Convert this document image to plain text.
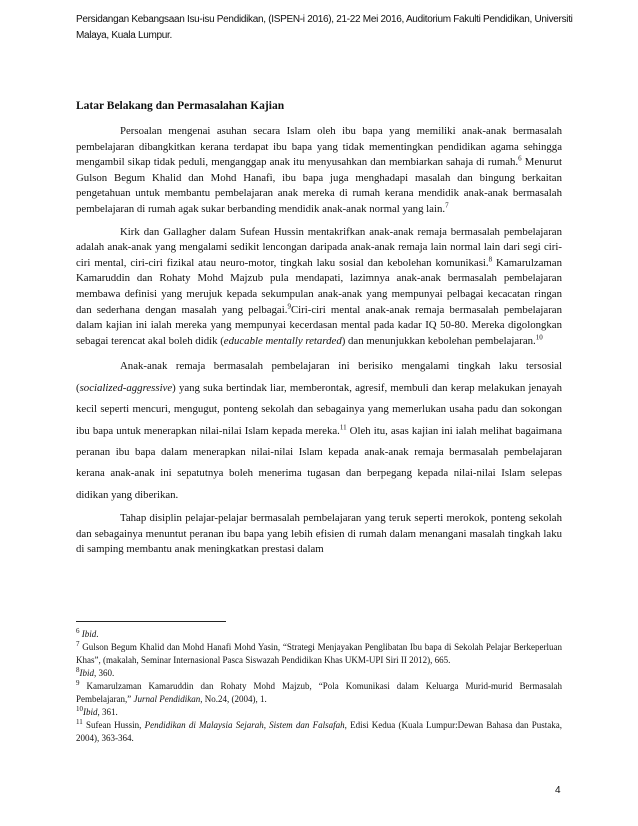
Persidangan Kebangsaan Isu-isu Pendidikan, (ISPEN-i 2016), 21-22 Mei 2016, Auditorium Fakulti Pendidikan, Universiti Malaya, Kuala Lumpur.
Latar Belakang dan Permasalahan Kajian

Persoalan mengenai asuhan secara Islam oleh ibu bapa yang memiliki anak-anak bermasalah pembelajaran dibangkitkan kerana terdapat ibu bapa yang tidak mementingkan pendidikan agama sehingga mengambil sikap tidak peduli, menganggap anak itu menyusahkan dan membiarkan sahaja di rumah.$^6$ Menurut Gulson Begum Khalid dan Mohd Hanafi, ibu bapa juga menghadapi masalah dan bingung berkaitan pengetahuan untuk membantu pembelajaran anak mereka di rumah kerana mendidik anak-anak bermasalah pembelajaran di rumah agak sukar berbanding mendidik anak-anak normal yang lain.$^7$

Kirk dan Gallagher dalam Sufean Hussin mentakrifkan anak-anak remaja bermasalah pembelajaran adalah anak-anak yang mengalami sedikit lencongan daripada anak-anak remaja lain normal lain dari segi ciri-ciri mental, ciri-ciri fizikal atau neuro-motor, tingkah laku sosial dan kebolehan komunikasi.$^8$ Kamarulzaman Kamaruddin dan Rohaty Mohd Majzub pula mendapati, lazimnya anak-anak bermasalah pembelajaran membawa definisi yang merujuk kepada sekumpulan anak-anak yang mempunyai pelbagai kecacatan ringan dan sederhana dengan masalah yang pelbagai.$^9$Ciri-ciri mental anak-anak remaja bermasalah pembelajaran dalam kajian ini ialah mereka yang mempunyai kecerdasan mental pada kadar IQ 50-80. Mereka digolongkan sebagai terencat akal boleh didik (educable mentally retarded) dan menunjukkan kebolehan pembelajaran.$^{10}$

Anak-anak remaja bermasalah pembelajaran ini berisiko mengalami tingkah laku tersosial (socialized-aggressive) yang suka bertindak liar, memberontak, agresif, membuli dan kerap melakukan jenayah kecil seperti mencuri, mengugut, ponteng sekolah dan sebagainya yang memerlukan usaha padu dan sokongan ibu bapa untuk menerapkan nilai-nilai Islam kepada mereka.$^{11}$ Oleh itu, asas kajian ini ialah melihat bagaimana peranan ibu bapa dalam menerapkan nilai-nilai Islam kepada anak-anak remaja bermasalah pembelajaran kerana anak-anak ini sepatutnya boleh menerima tugasan dan berpegang kepada nilai-nilai Islam selepas didikan yang diberikan.

Tahap disiplin pelajar-pelajar bermasalah pembelajaran yang teruk seperti merokok, ponteng sekolah dan sebagainya menuntut peranan ibu bapa yang lebih efisien di rumah dalam menangani masalah tingkah laku di samping membantu anak meningkatkan prestasi dalam

$^6$ Ibid.

$^7$ Gulson Begum Khalid dan Mohd Hanafi Mohd Yasin, “Strategi Menjayakan Penglibatan Ibu bapa di Sekolah Pelajar Berkeperluan Khas”, (makalah, Seminar Internasional Pasca Siswazah Pendidikan Khas UKM-UPI Siri II 2012), 665.

$^8$Ibid, 360.

$^9$ Kamarulzaman Kamaruddin dan Rohaty Mohd Majzub, “Pola Komunikasi dalam Keluarga Murid-murid Bermasalah Pembelajaran,” Jurnal Pendidikan, No.24, (2004), 1.

$^{10}$Ibid, 361.

$^{11}$ Sufean Hussin, Pendidikan di Malaysia Sejarah, Sistem dan Falsafah, Edisi Kedua (Kuala Lumpur:Dewan Bahasa dan Pustaka, 2004), 363-364.

4
